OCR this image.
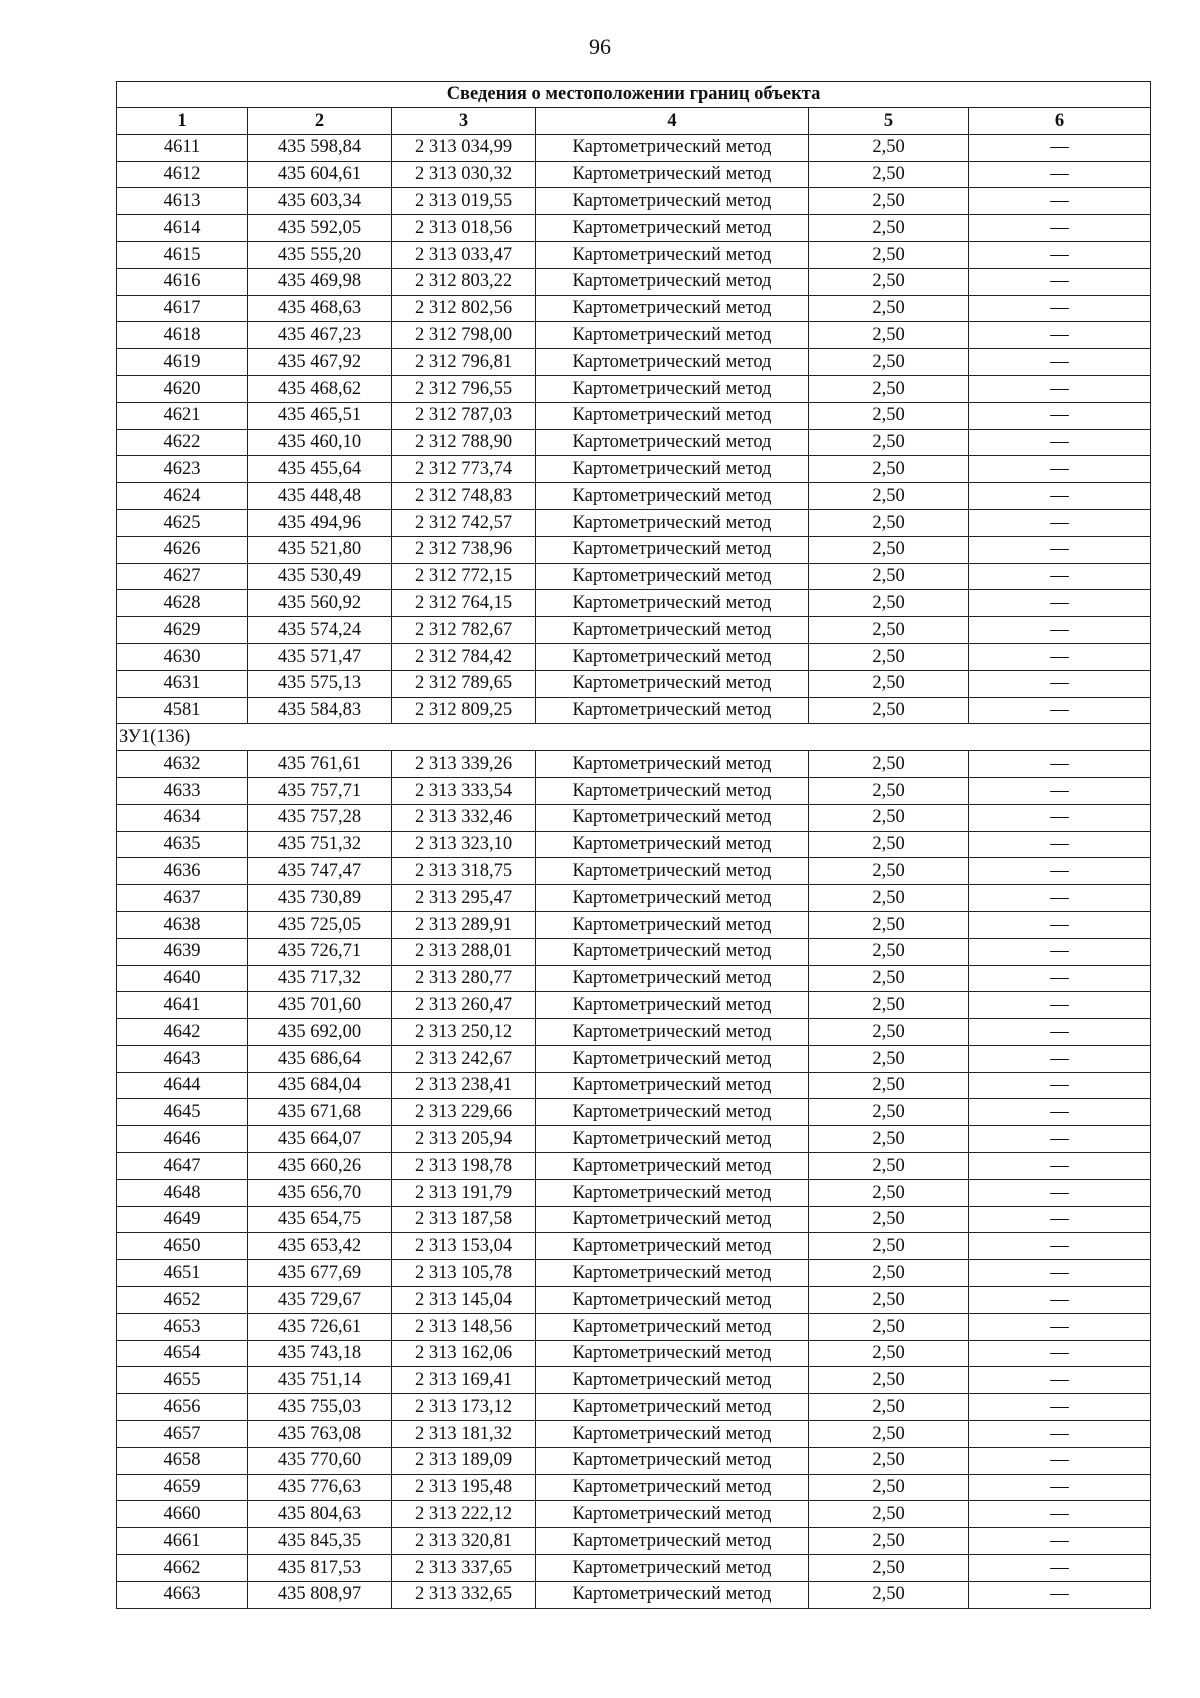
96
Сведения о местоположении границ объекта					
1	2	3	4	5	6
4611	435 598,84	2 313 034,99	Картометрический метод	2,50	—
4612	435 604,61	2 313 030,32	Картометрический метод	2,50	—
4613	435 603,34	2 313 019,55	Картометрический метод	2,50	—
4614	435 592,05	2 313 018,56	Картометрический метод	2,50	—
4615	435 555,20	2 313 033,47	Картометрический метод	2,50	—
4616	435 469,98	2 312 803,22	Картометрический метод	2,50	—
4617	435 468,63	2 312 802,56	Картометрический метод	2,50	—
4618	435 467,23	2 312 798,00	Картометрический метод	2,50	—
4619	435 467,92	2 312 796,81	Картометрический метод	2,50	—
4620	435 468,62	2 312 796,55	Картометрический метод	2,50	—
4621	435 465,51	2 312 787,03	Картометрический метод	2,50	—
4622	435 460,10	2 312 788,90	Картометрический метод	2,50	—
4623	435 455,64	2 312 773,74	Картометрический метод	2,50	—
4624	435 448,48	2 312 748,83	Картометрический метод	2,50	—
4625	435 494,96	2 312 742,57	Картометрический метод	2,50	—
4626	435 521,80	2 312 738,96	Картометрический метод	2,50	—
4627	435 530,49	2 312 772,15	Картометрический метод	2,50	—
4628	435 560,92	2 312 764,15	Картометрический метод	2,50	—
4629	435 574,24	2 312 782,67	Картометрический метод	2,50	—
4630	435 571,47	2 312 784,42	Картометрический метод	2,50	—
4631	435 575,13	2 312 789,65	Картометрический метод	2,50	—
4581	435 584,83	2 312 809,25	Картометрический метод	2,50	—
ЗУ1(136)					
4632	435 761,61	2 313 339,26	Картометрический метод	2,50	—
4633	435 757,71	2 313 333,54	Картометрический метод	2,50	—
4634	435 757,28	2 313 332,46	Картометрический метод	2,50	—
4635	435 751,32	2 313 323,10	Картометрический метод	2,50	—
4636	435 747,47	2 313 318,75	Картометрический метод	2,50	—
4637	435 730,89	2 313 295,47	Картометрический метод	2,50	—
4638	435 725,05	2 313 289,91	Картометрический метод	2,50	—
4639	435 726,71	2 313 288,01	Картометрический метод	2,50	—
4640	435 717,32	2 313 280,77	Картометрический метод	2,50	—
4641	435 701,60	2 313 260,47	Картометрический метод	2,50	—
4642	435 692,00	2 313 250,12	Картометрический метод	2,50	—
4643	435 686,64	2 313 242,67	Картометрический метод	2,50	—
4644	435 684,04	2 313 238,41	Картометрический метод	2,50	—
4645	435 671,68	2 313 229,66	Картометрический метод	2,50	—
4646	435 664,07	2 313 205,94	Картометрический метод	2,50	—
4647	435 660,26	2 313 198,78	Картометрический метод	2,50	—
4648	435 656,70	2 313 191,79	Картометрический метод	2,50	—
4649	435 654,75	2 313 187,58	Картометрический метод	2,50	—
4650	435 653,42	2 313 153,04	Картометрический метод	2,50	—
4651	435 677,69	2 313 105,78	Картометрический метод	2,50	—
4652	435 729,67	2 313 145,04	Картометрический метод	2,50	—
4653	435 726,61	2 313 148,56	Картометрический метод	2,50	—
4654	435 743,18	2 313 162,06	Картометрический метод	2,50	—
4655	435 751,14	2 313 169,41	Картометрический метод	2,50	—
4656	435 755,03	2 313 173,12	Картометрический метод	2,50	—
4657	435 763,08	2 313 181,32	Картометрический метод	2,50	—
4658	435 770,60	2 313 189,09	Картометрический метод	2,50	—
4659	435 776,63	2 313 195,48	Картометрический метод	2,50	—
4660	435 804,63	2 313 222,12	Картометрический метод	2,50	—
4661	435 845,35	2 313 320,81	Картометрический метод	2,50	—
4662	435 817,53	2 313 337,65	Картометрический метод	2,50	—
4663	435 808,97	2 313 332,65	Картометрический метод	2,50	—
